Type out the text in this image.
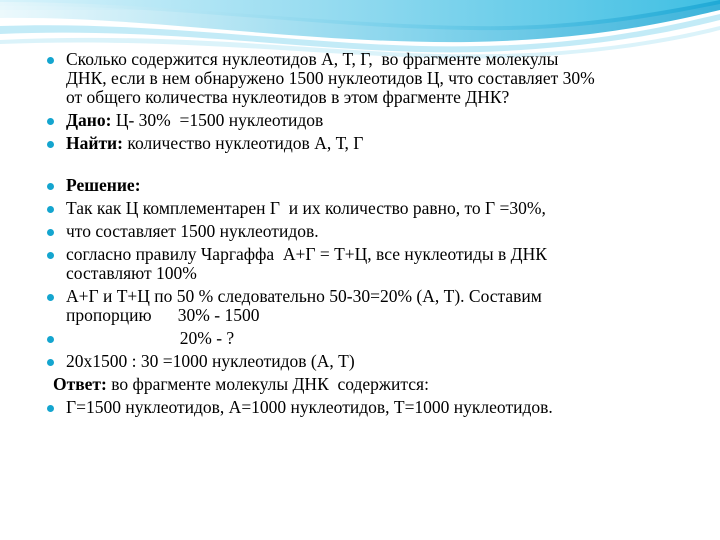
Сколько содержится нуклеотидов А, Т, Г,  во фрагменте молекулы
ДНК, если в нем обнаружено 1500 нуклеотидов Ц, что составляет 30%
от общего количества нуклеотидов в этом фрагменте ДНК?
Дано: Ц- 30%  =1500 нуклеотидов
Найти: количество нуклеотидов А, Т, Г
Решение:
Так как Ц комплементарен Г  и их количество равно, то Г =30%,
что составляет 1500 нуклеотидов.
согласно правилу Чаргаффа  А+Г = Т+Ц, все нуклеотиды в ДНК
составляют 100%
А+Г и Т+Ц по 50 % следовательно 50-30=20% (А, Т). Составим
пропорцию      30% - 1500
20% - ?
20х1500 : 30 =1000 нуклеотидов (А, Т)
Ответ: во фрагменте молекулы ДНК  содержится:
Г=1500 нуклеотидов, А=1000 нуклеотидов, Т=1000 нуклеотидов.
